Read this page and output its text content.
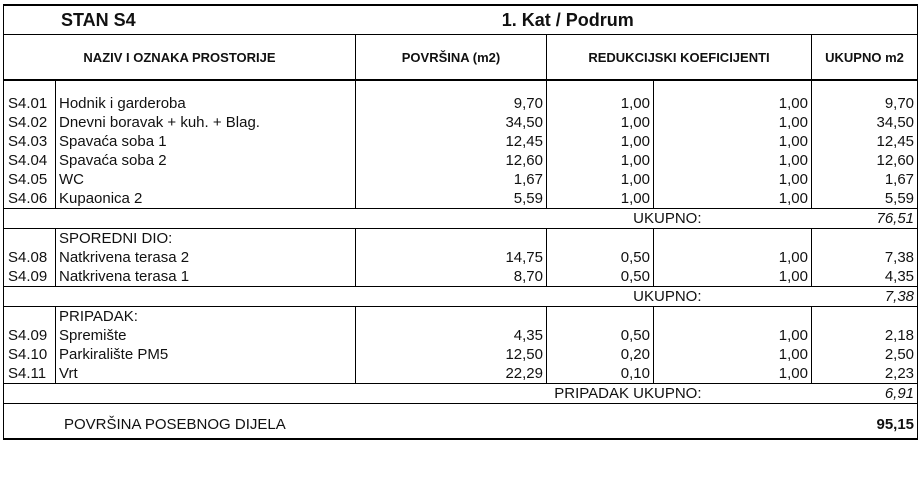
STAN S4		1. Kat / Podrum			
NAZIV I OZNAKA PROSTORIJE		POVRŠINA (m2)	REDUKCIJSKI KOEFICIJENTI		UKUPNO m2
S4.01	Hodnik i garderoba	9,70	1,00	1,00	9,70
S4.02	Dnevni boravak + kuh. + Blag.	34,50	1,00	1,00	34,50
S4.03	Spavaća soba 1	12,45	1,00	1,00	12,45
S4.04	Spavaća soba 2	12,60	1,00	1,00	12,60
S4.05	WC	1,67	1,00	1,00	1,67
S4.06	Kupaonica 2	5,59	1,00	1,00	5,59
UKUPNO:					76,51
	SPOREDNI DIO:				
S4.08	Natkrivena terasa 2	14,75	0,50	1,00	7,38
S4.09	Natkrivena terasa 1	8,70	0,50	1,00	4,35
UKUPNO:					7,38
	PRIPADAK:				
S4.09	Spremište	4,35	0,50	1,00	2,18
S4.10	Parkiralište PM5	12,50	0,20	1,00	2,50
S4.11	Vrt	22,29	0,10	1,00	2,23
PRIPADAK UKUPNO:					6,91
POVRŠINA POSEBNOG DIJELA					95,15
